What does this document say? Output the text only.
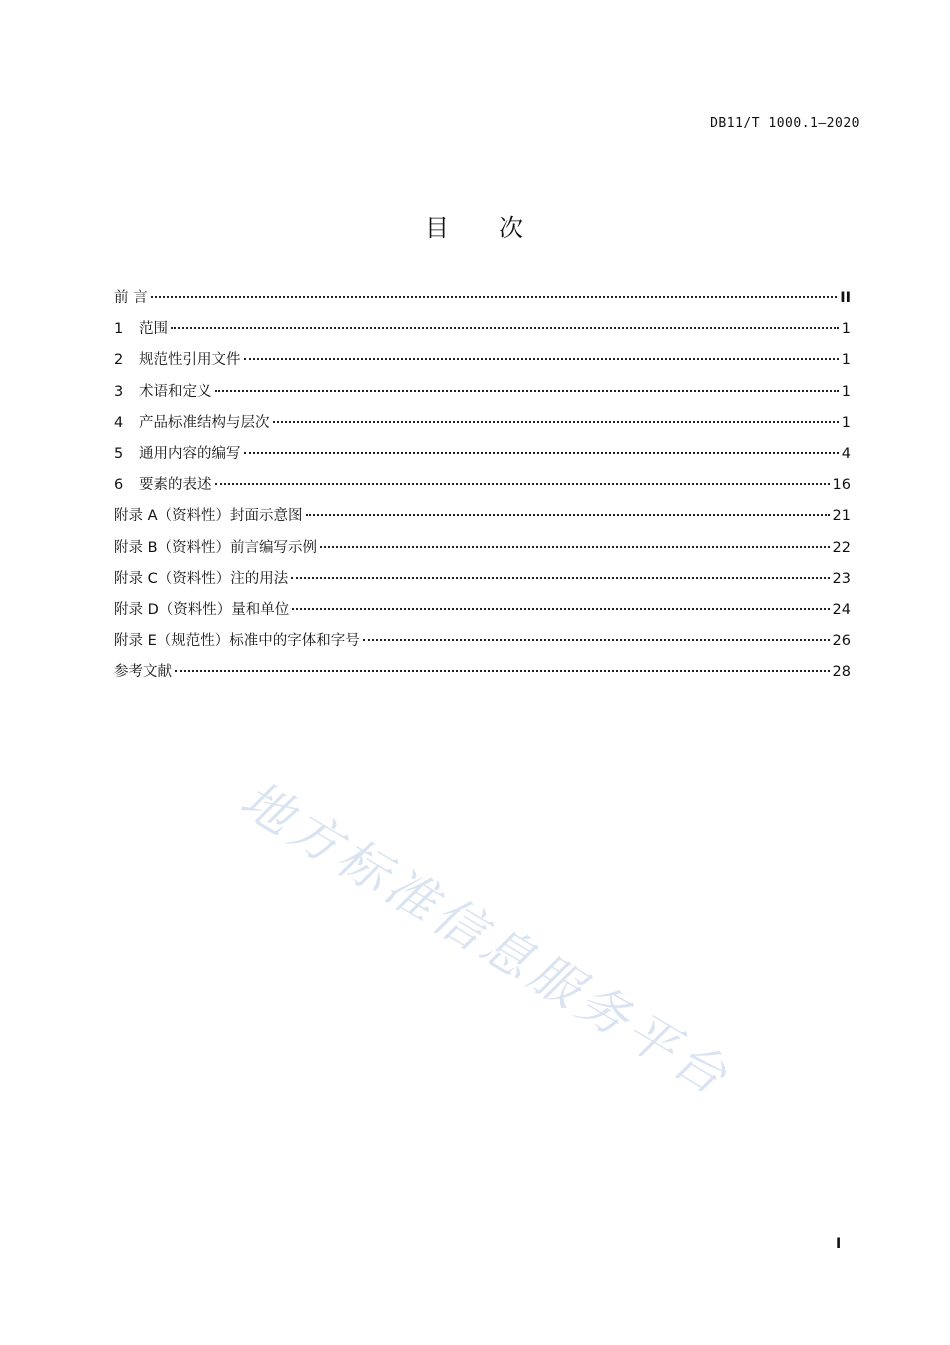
DB11/T 1000.1—2020
目 次
前 言	II
1	范围	1
2	规范性引用文件	1
3	术语和定义	1
4	产品标准结构与层次	1
5	通用内容的编写	4
6	要素的表述	16
附录 A（资料性）封面示意图	21
附录 B（资料性）前言编写示例	22
附录 C（资料性）注的用法	23
附录 D（资料性）量和单位	24
附录 E（规范性）标准中的字体和字号	26
参考文献	28
地方标准信息服务平台
I
